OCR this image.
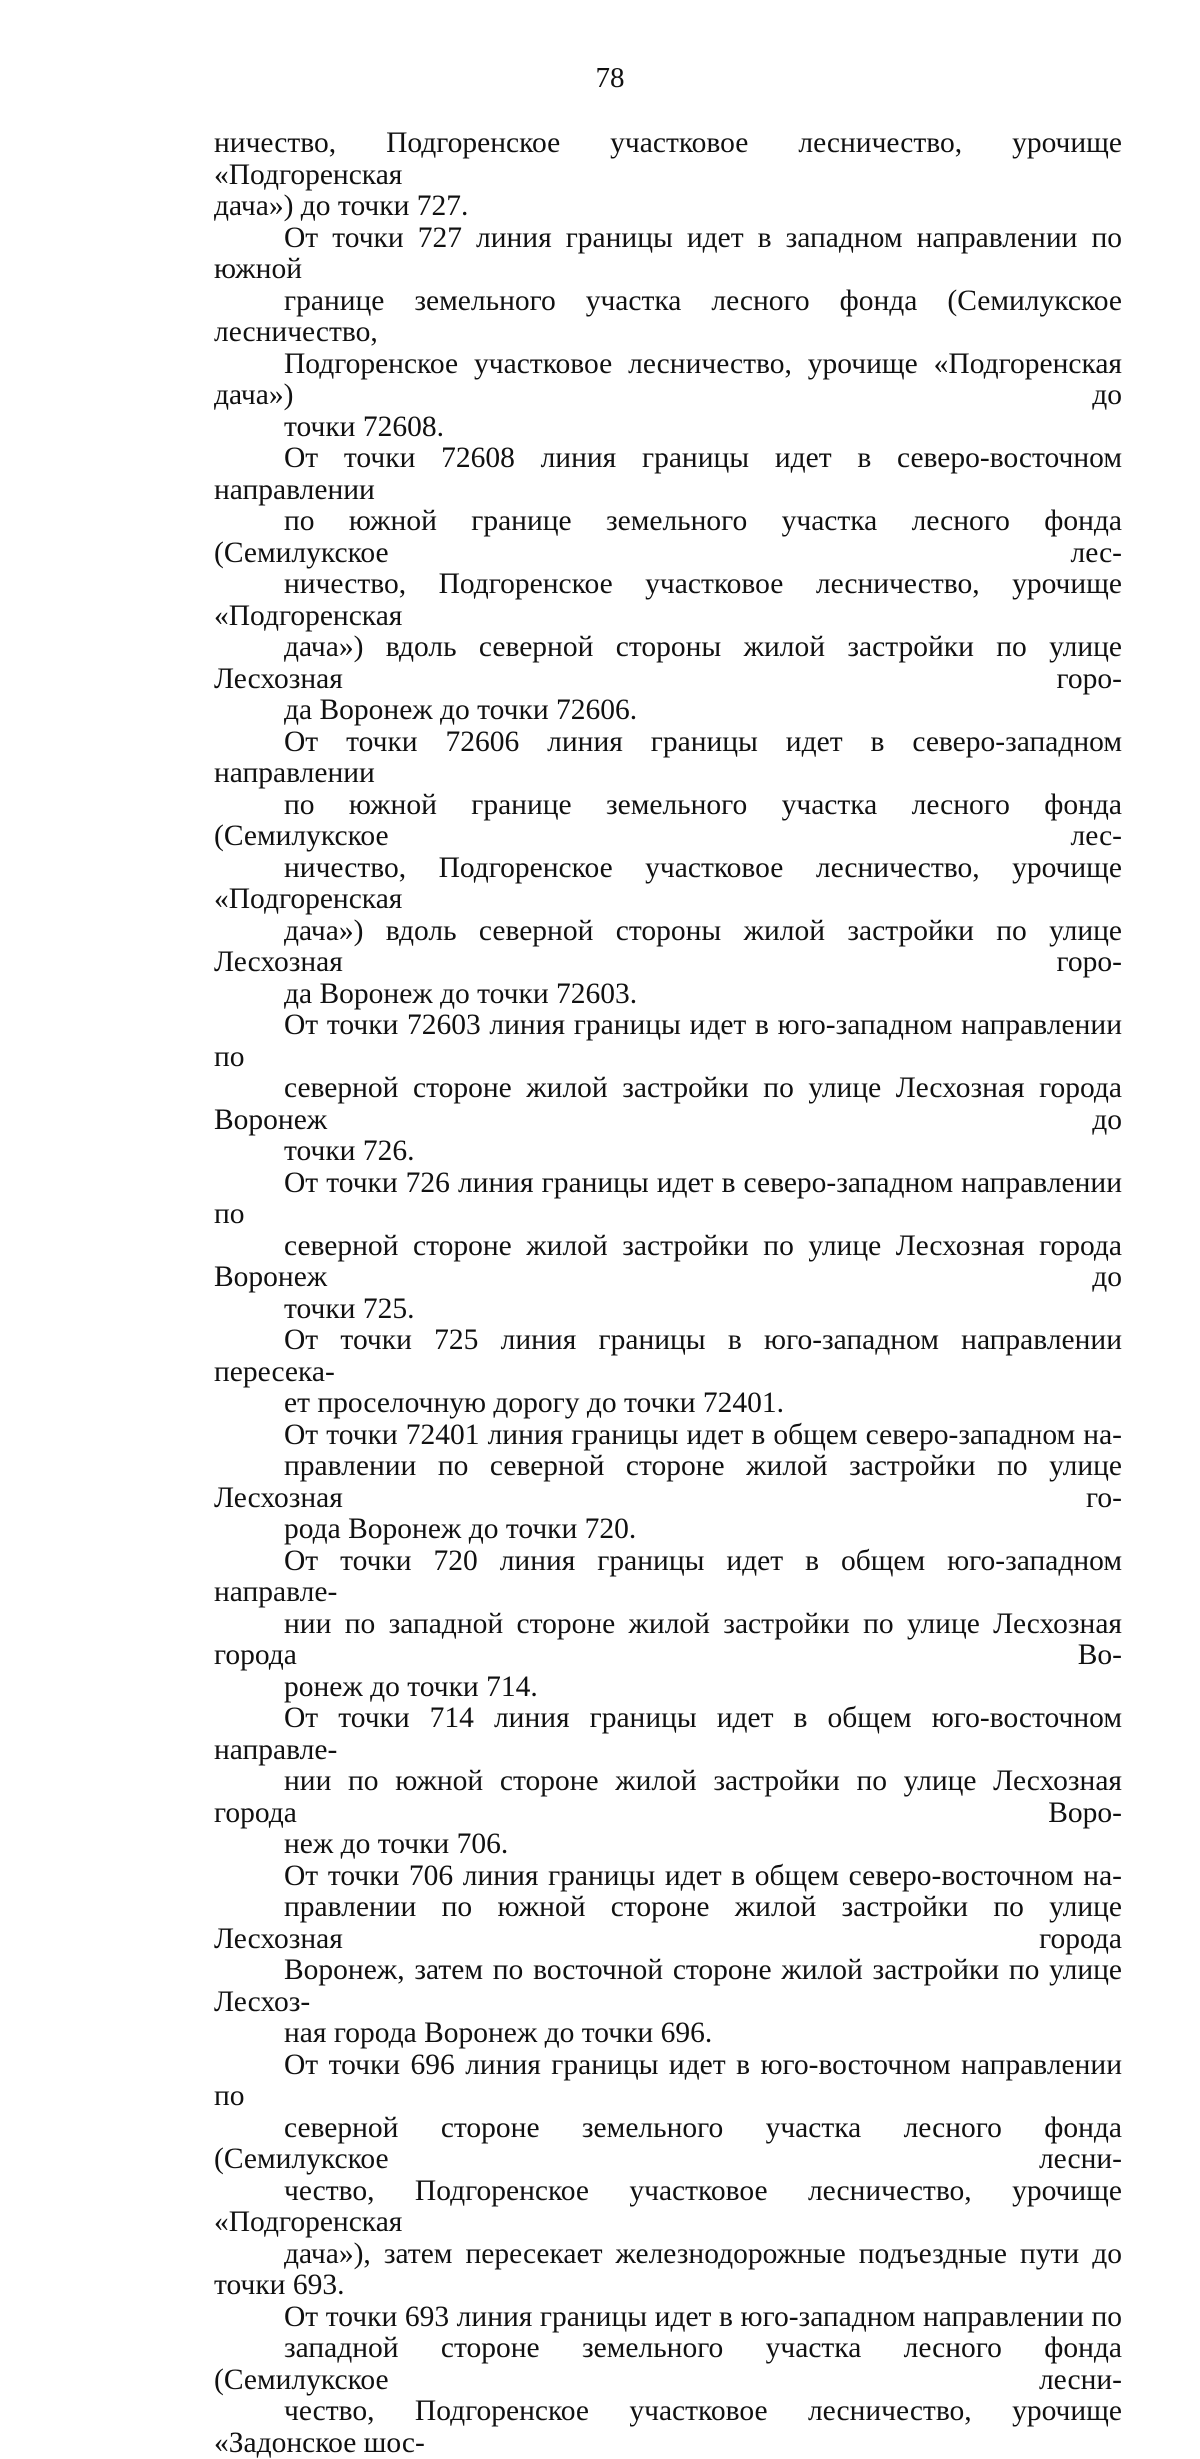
78

ничество, Подгоренское участковое лесничество, урочище «Подгоренская
дача») до точки 727.

От точки 727 линия границы идет в западном направлении по южной
границе земельного участка лесного фонда (Семилукское лесничество,
Подгоренское участковое лесничество, урочище «Подгоренская дача») до
точки 72608.

От точки 72608 линия границы идет в северо-восточном направлении
по южной границе земельного участка лесного фонда (Семилукское лес-
ничество, Подгоренское участковое лесничество, урочище «Подгоренская
дача») вдоль северной стороны жилой застройки по улице Лесхозная горо-
да Воронеж до точки 72606.

От точки 72606 линия границы идет в северо-западном направлении
по южной границе земельного участка лесного фонда (Семилукское лес-
ничество, Подгоренское участковое лесничество, урочище «Подгоренская
дача») вдоль северной стороны жилой застройки по улице Лесхозная горо-
да Воронеж до точки 72603.

От точки 72603 линия границы идет в юго-западном направлении по
северной стороне жилой застройки по улице Лесхозная города Воронеж до
точки 726.

От точки 726 линия границы идет в северо-западном направлении по
северной стороне жилой застройки по улице Лесхозная города Воронеж до
точки 725.

От точки 725 линия границы в юго-западном направлении пересека-
ет проселочную дорогу до точки 72401.

От точки 72401 линия границы идет в общем северо-западном на-
правлении по северной стороне жилой застройки по улице Лесхозная го-
рода Воронеж до точки 720.

От точки 720 линия границы идет в общем юго-западном направле-
нии по западной стороне жилой застройки по улице Лесхозная города Во-
ронеж до точки 714.

От точки 714 линия границы идет в общем юго-восточном направле-
нии по южной стороне жилой застройки по улице Лесхозная города Воро-
неж до точки 706.

От точки 706 линия границы идет в общем северо-восточном на-
правлении по южной стороне жилой застройки по улице Лесхозная города
Воронеж, затем по восточной стороне жилой застройки по улице Лесхоз-
ная города Воронеж до точки 696.

От точки 696 линия границы идет в юго-восточном направлении по
северной стороне земельного участка лесного фонда (Семилукское лесни-
чество, Подгоренское участковое лесничество, урочище «Подгоренская
дача»), затем пересекает железнодорожные подъездные пути до точки 693.

От точки 693 линия границы идет в юго-западном направлении по
западной стороне земельного участка лесного фонда (Семилукское лесни-
чество, Подгоренское участковое лесничество, урочище «Задонское шос-
